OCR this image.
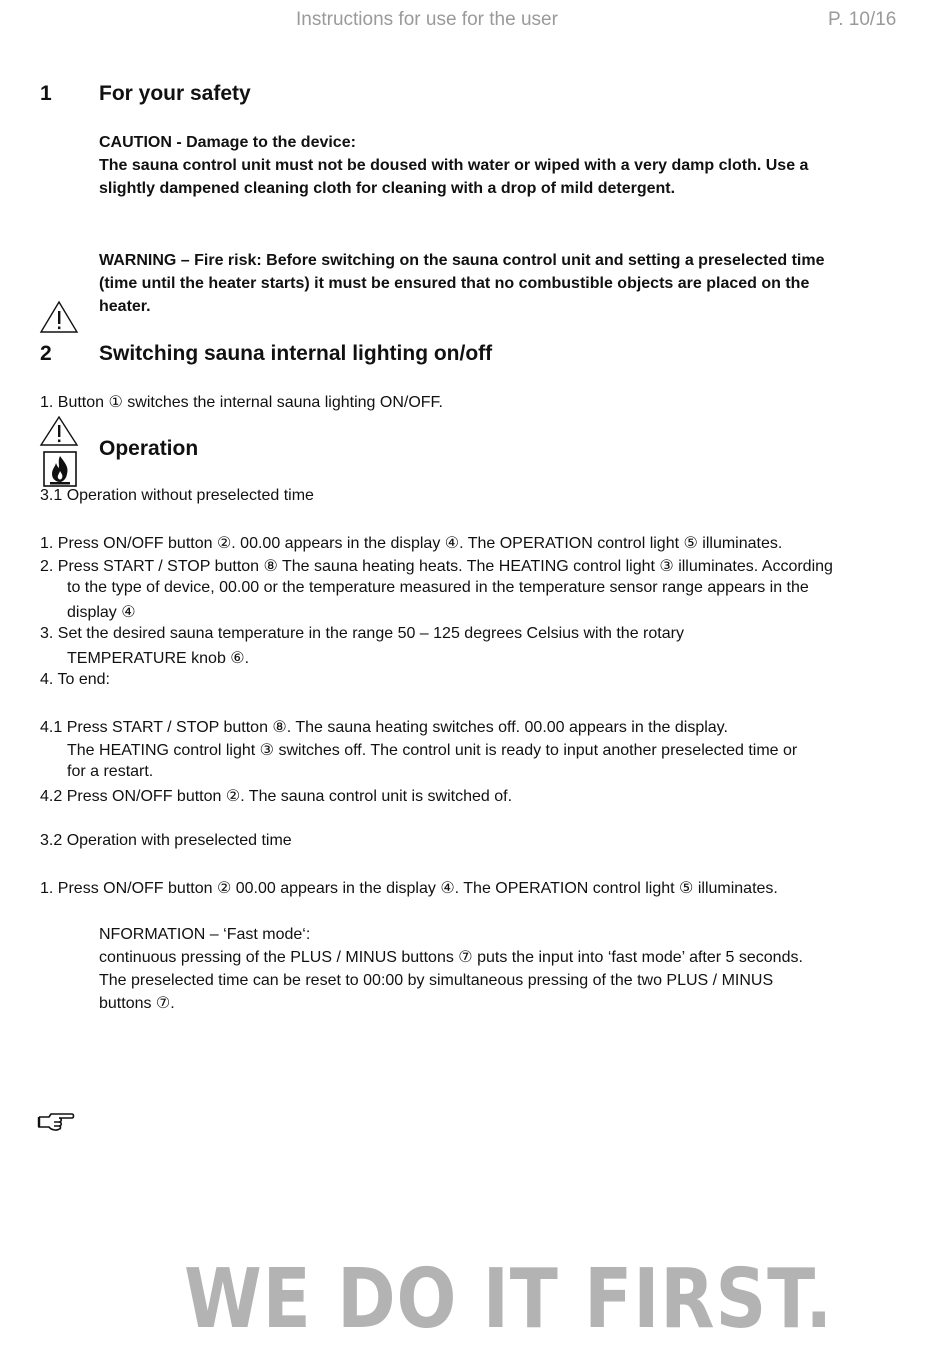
Instructions for use for the user	P. 10/16
1 For your safety
CAUTION - Damage to the device:
The sauna control unit must not be doused with water or wiped with a very damp cloth. Use a
slightly dampened cleaning cloth for cleaning with a drop of mild detergent.
WARNING – Fire risk: Before switching on the sauna control unit and setting a preselected time
(time until the heater starts) it must be ensured that no combustible objects are placed on the
heater.
2 Switching sauna internal lighting on/off
1. Button ① switches the internal sauna lighting ON/OFF.
Operation
3.1 Operation without preselected time
1. Press ON/OFF button ②. 00.00 appears in the display ④. The OPERATION control light ⑤ illuminates.
2. Press START / STOP button ⑧ The sauna heating heats. The HEATING control light ③ illuminates. According
to the type of device, 00.00 or the temperature measured in the temperature sensor range appears in the
display ④
3. Set the desired sauna temperature in the range 50 – 125 degrees Celsius with the rotary
TEMPERATURE knob ⑥.
4. To end:
4.1 Press START / STOP button ⑧. The sauna heating switches off. 00.00 appears in the display.
The HEATING control light ③ switches off. The control unit is ready to input another preselected time or
for a restart.
4.2 Press ON/OFF button ②. The sauna control unit is switched of.
3.2 Operation with preselected time
1. Press ON/OFF button ② 00.00 appears in the display ④. The OPERATION control light ⑤ illuminates.
NFORMATION – ‘Fast mode‘:
continuous pressing of the PLUS / MINUS buttons ⑦ puts the input into ‘fast mode’ after 5 seconds.
The preselected time can be reset to 00:00 by simultaneous pressing of the two PLUS / MINUS
buttons ⑦.
WE DO IT FIRST.
